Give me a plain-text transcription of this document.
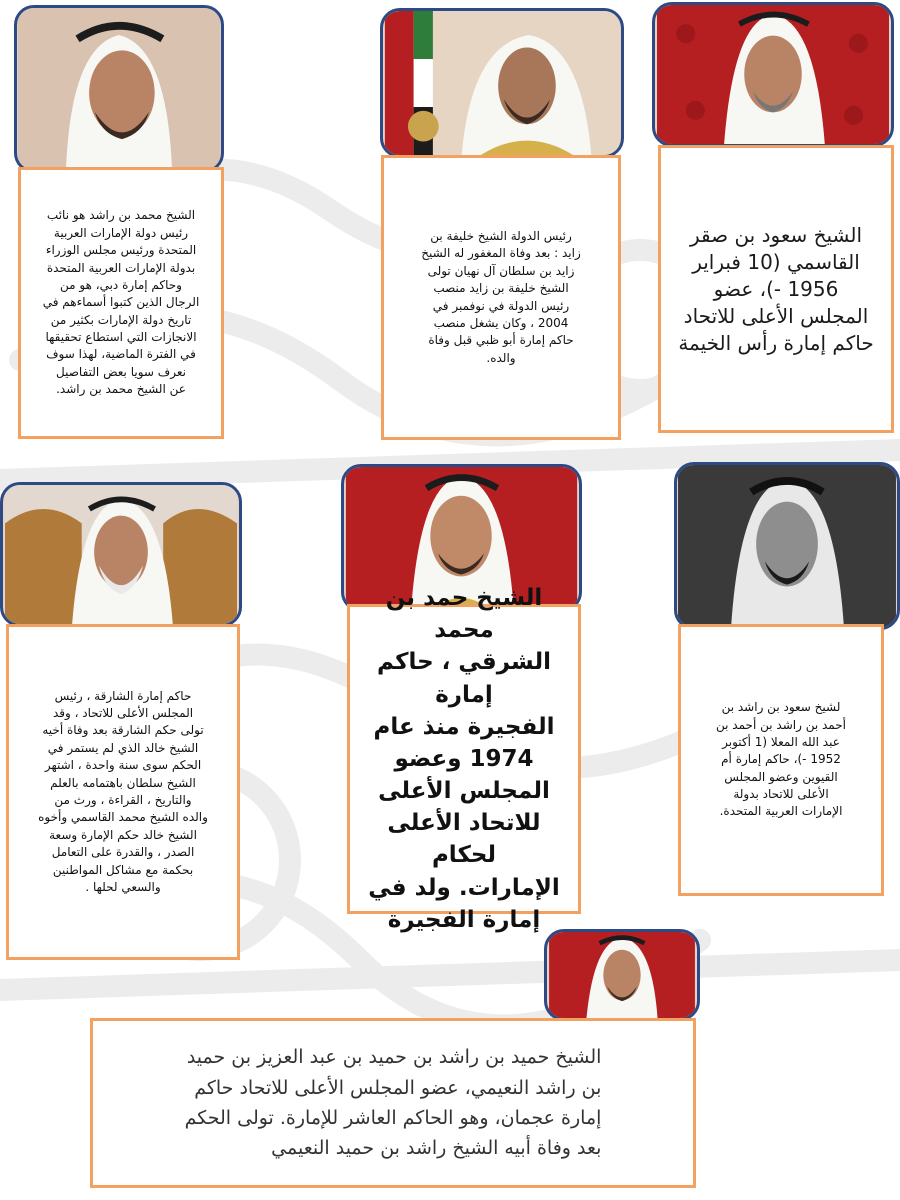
الشيخ محمد بن راشد هو نائب
رئيس دولة الإمارات العربية
المتحدة ورئيس مجلس الوزراء
بدولة الإمارات العربية المتحدة
وحاكم إمارة دبي، هو من
الرجال الذين كتبوا أسماءهم في
تاريخ دولة الإمارات بكثير من
الانجازات التي استطاع تحقيقها
في الفترة الماضية، لهذا سوف
نعرف سويا بعض التفاصيل
عن الشيخ محمد بن راشد.

رئيس الدولة الشيخ خليفة بن
زايد : بعد وفاة المغفور له الشيخ
زايد بن سلطان آل نهيان تولى
الشيخ خليفة بن زايد منصب
رئيس الدولة في نوفمبر في
2004 ، وكان يشغل منصب
حاكم إمارة أبو ظبي قبل وفاة
والده.

الشيخ سعود بن صقر
القاسمي (10 فبراير
1956 -)، عضو
المجلس الأعلى للاتحاد
حاكم إمارة رأس الخيمة

حاكم إمارة الشارقة ، رئيس
المجلس الأعلى للاتحاد ، وقد
تولى حكم الشارقة بعد وفاة أخيه
الشيخ خالد الذي لم يستمر في
الحكم سوى سنة واحدة ، اشتهر
الشيخ سلطان باهتمامه بالعلم
والتاريخ ، القراءة ، ورث من
والده الشيخ محمد القاسمي وأخوه
الشيخ خالد حكم الإمارة وسعة
الصدر ، والقدرة على التعامل
بحكمة مع مشاكل المواطنين
والسعي لحلها .

الشيخ حمد بن محمد
الشرقي ، حاكم إمارة
الفجيرة منذ عام
1974 وعضو
المجلس الأعلى
للاتحاد الأعلى لحكام
الإمارات. ولد في
إمارة الفجيرة

لشيخ سعود بن راشد بن
أحمد بن راشد بن أحمد بن
عبد الله المعلا (1 أكتوبر
1952 -)، حاكم إمارة أم
القيوين وعضو المجلس
الأعلى للاتحاد بدولة
الإمارات العربية المتحدة.

الشيخ حميد بن راشد بن حميد بن عبد العزيز بن حميد
بن راشد النعيمي، عضو المجلس الأعلى للاتحاد حاكم
إمارة عجمان، وهو الحاكم العاشر للإمارة. تولى الحكم
بعد وفاة أبيه الشيخ راشد بن حميد النعيمي
